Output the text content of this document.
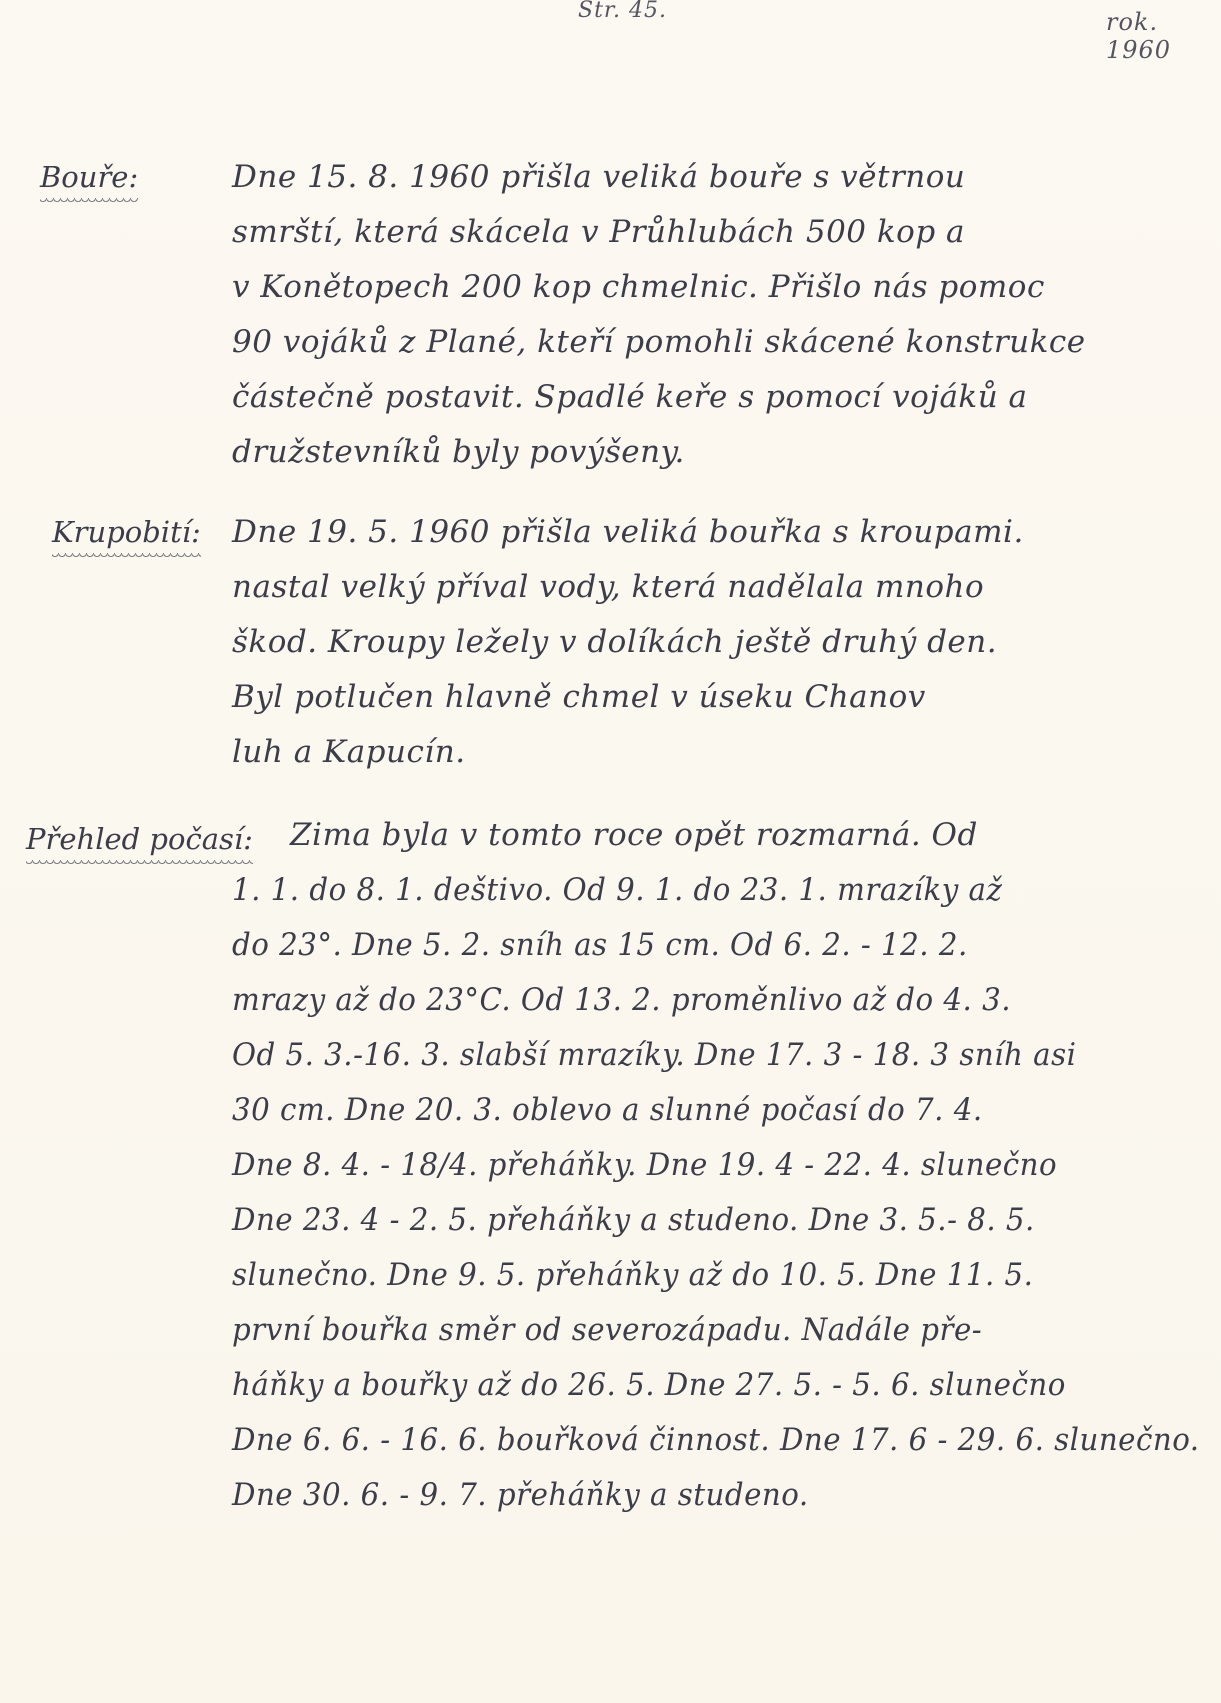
Str. 45.	rok. 1960
Bouře:	Dne 15. 8. 1960 přišla veliká bouře s větrnou
smrští, která skácela v Průhlubách 500 kop a
v Konětopech 200 kop chmelnic. Přišlo nás pomoc
90 vojáků z Plané, kteří pomohli skácené konstrukce
částečně postavit. Spadlé keře s pomocí vojáků a
družstevníků byly povýšeny.
Krupobití: Dne 19. 5. 1960 přišla veliká bouřka s kroupami.
nastal velký příval vody, která nadělala mnoho
škod. Kroupy ležely v dolíkách ještě druhý den.
Byl potlučen hlavně chmel v úseku Chanov
luh a Kapucín.
Přehled počasí: Zima byla v tomto roce opět rozmarná. Od
1. 1. do 8. 1. deštivo. Od 9. 1. do 23. 1. mrazíky až
do 23°. Dne 5. 2. sníh as 15 cm. Od 6. 2. - 12. 2.
mrazy až do 23°C. Od 13. 2. proměnlivo až do 4. 3.
Od 5. 3.-16. 3. slabší mrazíky. Dne 17. 3 - 18. 3 sníh asi
30 cm. Dne 20. 3. oblevo a slunné počasí do 7. 4.
Dne 8. 4. - 18/4. přeháňky. Dne 19. 4 - 22. 4. slunečno
Dne 23. 4 - 2. 5. přeháňky a studeno. Dne 3. 5.- 8. 5.
slunečno. Dne 9. 5. přeháňky až do 10. 5. Dne 11. 5.
první bouřka směr od severozápadu. Nadále pře-
háňky a bouřky až do 26. 5. Dne 27. 5. - 5. 6. slunečno
Dne 6. 6. - 16. 6. bouřková činnost. Dne 17. 6 - 29. 6. slunečno.
Dne 30. 6. - 9. 7. přeháňky a studeno.
